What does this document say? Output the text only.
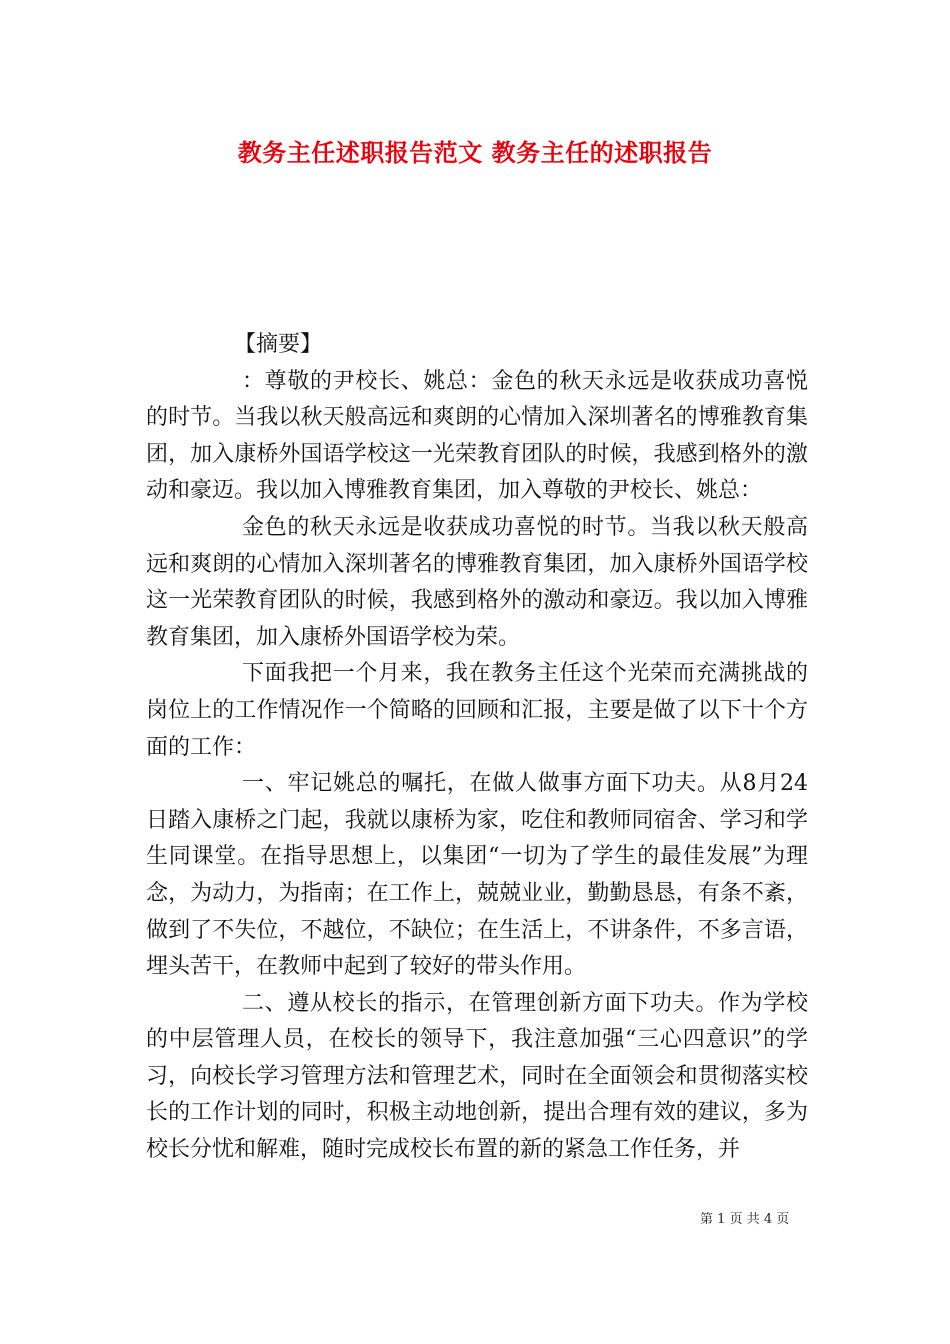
教务主任述职报告范文 教务主任的述职报告

【摘要】

：尊敬的尹校长、姚总：金色的秋天永远是收获成功喜悦的时节。当我以秋天般高远和爽朗的心情加入深圳著名的博雅教育集团，加入康桥外国语学校这一光荣教育团队的时候，我感到格外的激动和豪迈。我以加入博雅教育集团，加入尊敬的尹校长、姚总：

金色的秋天永远是收获成功喜悦的时节。当我以秋天般高远和爽朗的心情加入深圳著名的博雅教育集团，加入康桥外国语学校这一光荣教育团队的时候，我感到格外的激动和豪迈。我以加入博雅教育集团，加入康桥外国语学校为荣。

下面我把一个月来，我在教务主任这个光荣而充满挑战的岗位上的工作情况作一个简略的回顾和汇报，主要是做了以下十个方面的工作：

一、牢记姚总的嘱托，在做人做事方面下功夫。从8月24日踏入康桥之门起，我就以康桥为家，吃住和教师同宿舍、学习和学生同课堂。在指导思想上，以集团“一切为了学生的最佳发展”为理念，为动力，为指南；在工作上，兢兢业业，勤勤恳恳，有条不紊，做到了不失位，不越位，不缺位；在生活上，不讲条件，不多言语，埋头苦干，在教师中起到了较好的带头作用。

二、遵从校长的指示，在管理创新方面下功夫。作为学校的中层管理人员，在校长的领导下，我注意加强“三心四意识”的学习，向校长学习管理方法和管理艺术，同时在全面领会和贯彻落实校长的工作计划的同时，积极主动地创新，提出合理有效的建议，多为校长分忧和解难，随时完成校长布置的新的紧急工作任务，并

第 1 页 共 4 页
